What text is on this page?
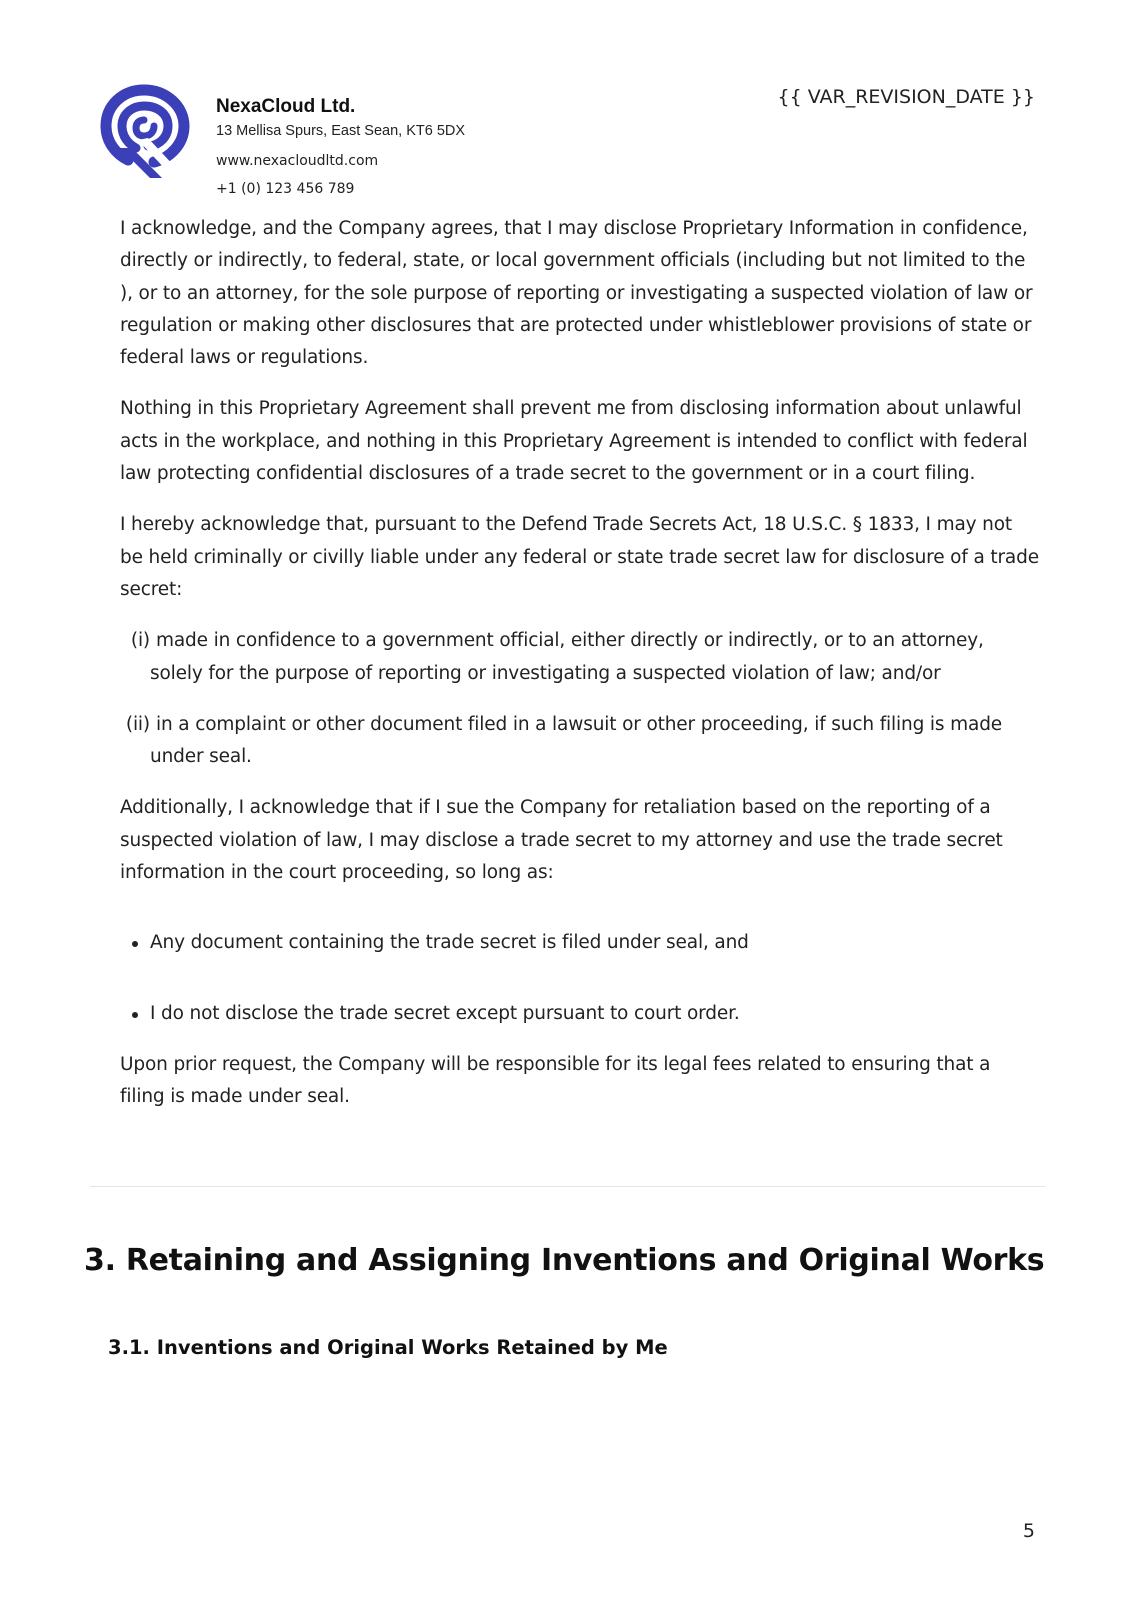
NexaCloud Ltd.

13 Mellisa Spurs, East Sean, KT6 5DX

www.nexacloudltd.com

+1 (0) 123 456 789

{{ VAR_REVISION_DATE }}

I acknowledge, and the Company agrees, that I may disclose Proprietary Information in confidence, directly or indirectly, to federal, state, or local government officials (including but not limited to the ), or to an attorney, for the sole purpose of reporting or investigating a suspected violation of law or regulation or making other disclosures that are protected under whistleblower provisions of state or federal laws or regulations.

Nothing in this Proprietary Agreement shall prevent me from disclosing information about unlawful acts in the workplace, and nothing in this Proprietary Agreement is intended to conflict with federal law protecting confidential disclosures of a trade secret to the government or in a court filing.

I hereby acknowledge that, pursuant to the Defend Trade Secrets Act, 18 U.S.C. § 1833, I may not be held criminally or civilly liable under any federal or state trade secret law for disclosure of a trade secret:

(i) made in confidence to a government official, either directly or indirectly, or to an attorney, solely for the purpose of reporting or investigating a suspected violation of law; and/or
(ii) in a complaint or other document filed in a lawsuit or other proceeding, if such filing is made under seal.

Additionally, I acknowledge that if I sue the Company for retaliation based on the reporting of a suspected violation of law, I may disclose a trade secret to my attorney and use the trade secret information in the court proceeding, so long as:

Any document containing the trade secret is filed under seal, and
I do not disclose the trade secret except pursuant to court order.

Upon prior request, the Company will be responsible for its legal fees related to ensuring that a filing is made under seal.

3. Retaining and Assigning Inventions and Original Works
3.1. Inventions and Original Works Retained by Me
5
